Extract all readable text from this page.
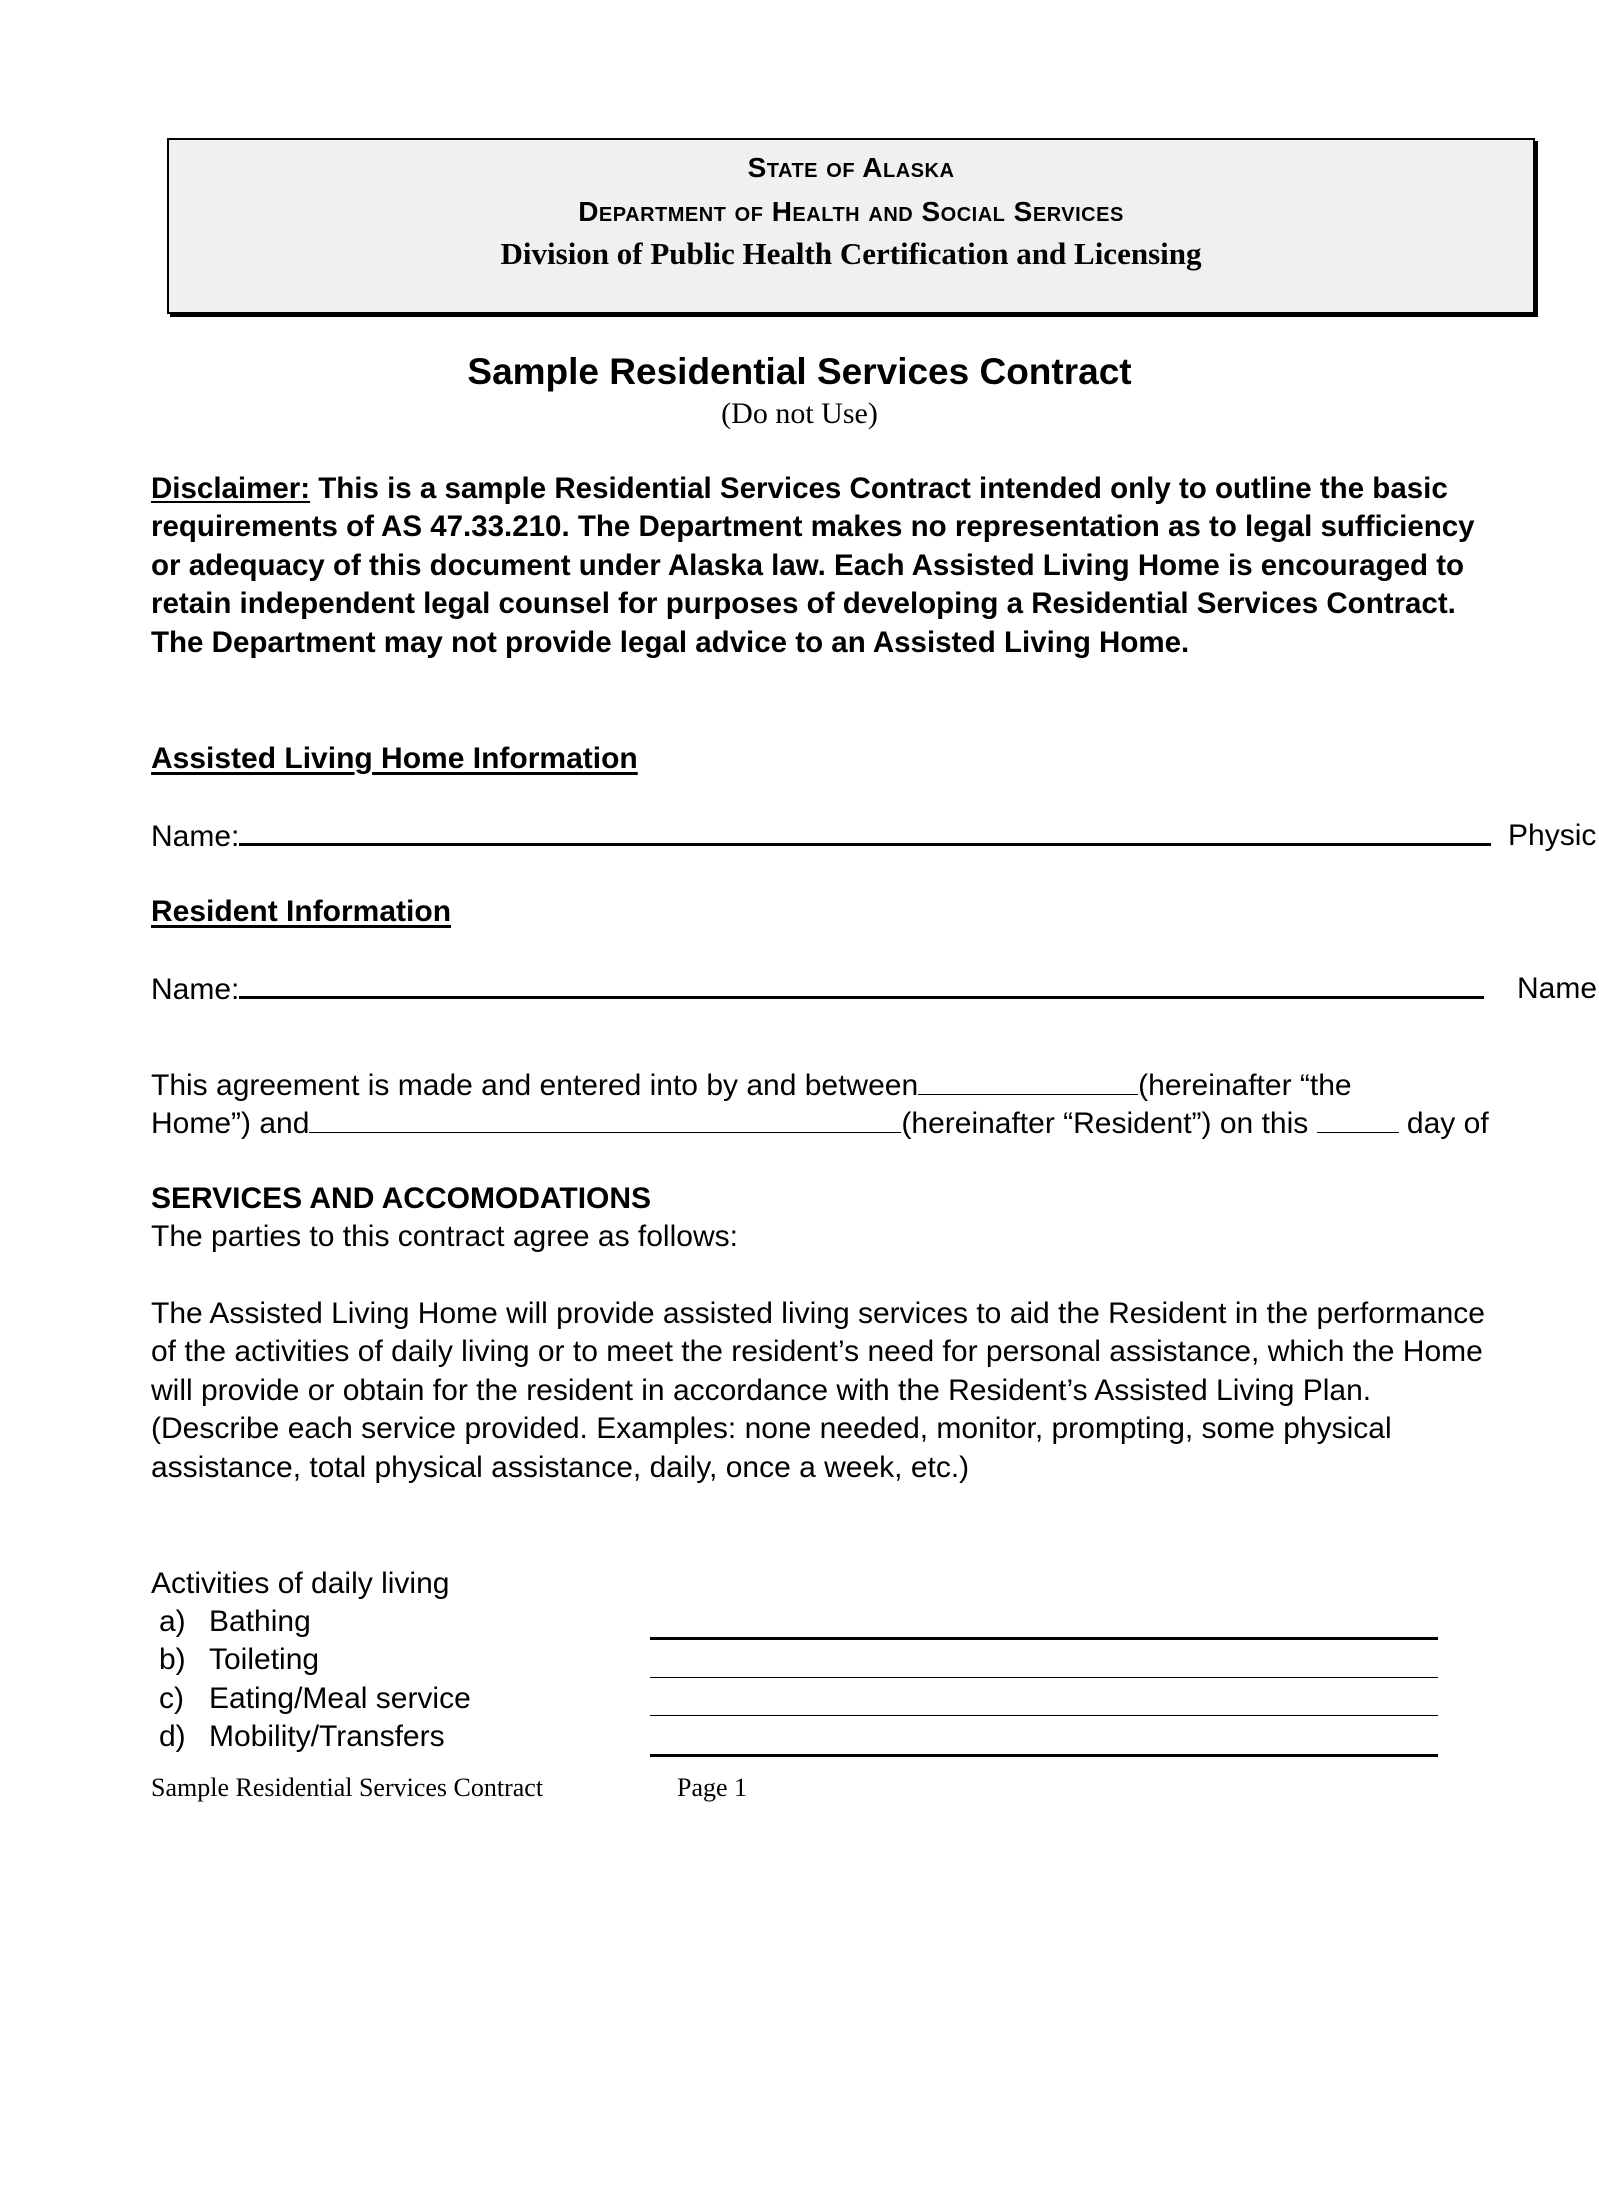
State of Alaska
Department of Health and Social Services
Division of Public Health Certification and Licensing
Sample Residential Services Contract
(Do not Use)
Disclaimer: This is a sample Residential Services Contract intended only to outline the basic requirements of AS 47.33.210. The Department makes no representation as to legal sufficiency or adequacy of this document under Alaska law. Each Assisted Living Home is encouraged to retain independent legal counsel for purposes of developing a Residential Services Contract. The Department may not provide legal advice to an Assisted Living Home.
Assisted Living Home Information
Name:	Physic
Resident Information
Name:	Name
This agreement is made and entered into by and between	(hereinafter “the
Home”) and	(hereinafter “Resident”) on this	day of
SERVICES AND ACCOMODATIONS
The parties to this contract agree as follows:
The Assisted Living Home will provide assisted living services to aid the Resident in the performance of the activities of daily living or to meet the resident’s need for personal assistance, which the Home will provide or obtain for the resident in accordance with the Resident’s Assisted Living Plan. (Describe each service provided. Examples: none needed, monitor, prompting, some physical assistance, total physical assistance, daily, once a week, etc.)
Activities of daily living
a) Bathing
b) Toileting
c) Eating/Meal service
d) Mobility/Transfers
Sample Residential Services Contract	Page 1
